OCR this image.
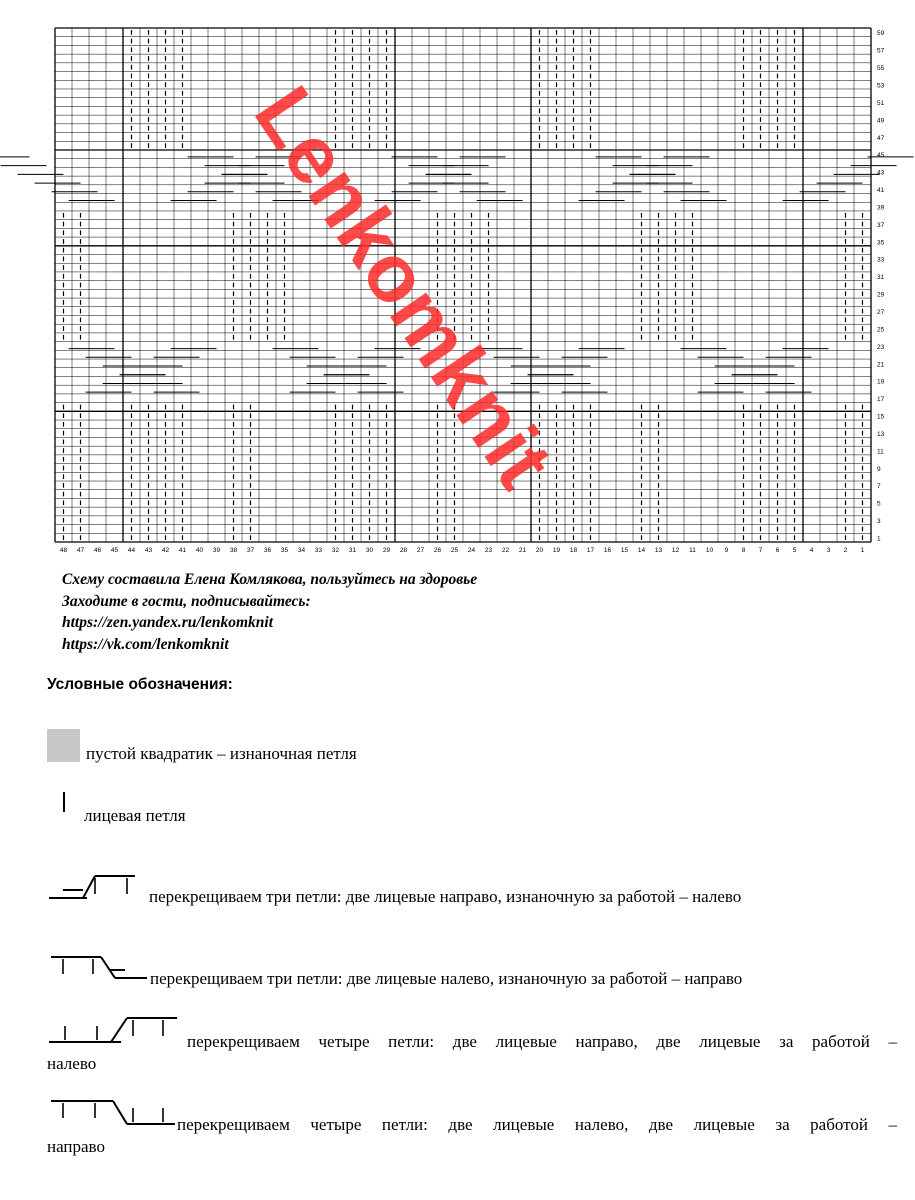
48 47 46 45 44 43 42 41 40 39 38 37 36 35 34 33 32 31 30 29 28 27 26 25 24 23 22 21 20 19 18 17 16 15 14 13 12 11 10 9 8 7 6 5 4 3 2 1
59
57
55
53
51
49
47
45
43
41
39
37
35
33
31
29
27
25
23
21
19
17
15
13
11
9
7
5
3
1
Lenkomknit
Схему составила Елена Комлякова, пользуйтесь на здоровье
Заходите в гости, подписывайтесь:
https://zen.yandex.ru/lenkomknit
https://vk.com/lenkomknit
Условные обозначения:
пустой квадратик – изнаночная петля
лицевая петля
перекрещиваем три петли: две лицевые направо, изнаночную за работой – налево
перекрещиваем три петли: две лицевые налево, изнаночную за работой – направо
перекрещиваем четыре петли: две лицевые направо, две лицевые за работой –
налево
перекрещиваем четыре петли: две лицевые налево, две лицевые за работой –
направо
